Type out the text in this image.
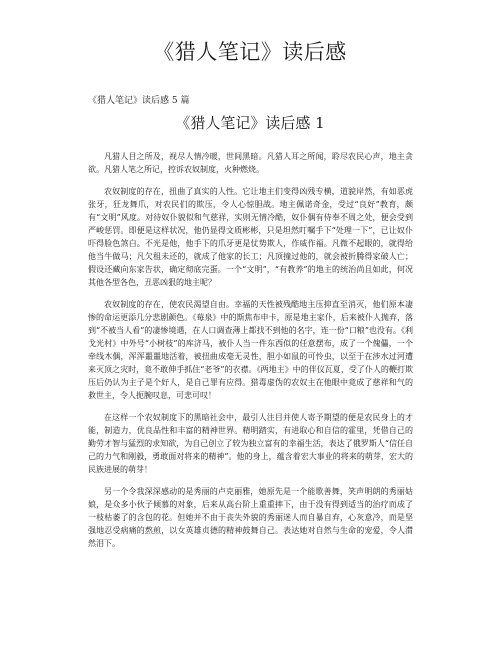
《猎人笔记》读后感

《猎人笔记》读后感 5 篇

《猎人笔记》读后感 1

凡猎人目之所及，视尽人情冷暖，世间黑暗。凡猎人耳之所闻，聆尽农民心声，地主贪欲。凡猎人笔之所记，控诉农奴制度，火种燃烧。

农奴制度的存在，扭曲了真实的人性。它让地主们变得凶残专横，道貌岸然，有如恶虎张牙，狂龙舞爪，对农民们的欺压，令人心惊胆战。地主佩诺奇金，受过“良好”教育，颇有“文明”风度。对待奴仆貌似和气慈祥，实则无情冷酷，奴仆偶有侍奉不周之处，便会受到严峻惩罚。即便是这样状况，他仍显得文质彬彬，只是坦然叮嘱手下“处理一下”，已让奴仆吓得脸色煞白。不光是他，他手下的爪牙更是仗势欺人，作威作福。凡微不起眼的，就得给他当牛做马；凡欠租未还的，就成了他家的长工；凡顶撞过他的，就会被折腾得家破人亡；假设还藏向东家告状，确定彻底完蛋。一个“文明”，“有教养”的地主的统治尚且如此，何况其他各型各色，丑恶凶狠的地主呢？

农奴制度的存在，使农民渴望自由。幸福的天性被残酷地主压抑直至消灭，他们原本凄惨的命运更添几分悲剧颜色。《莓泉》中的斯焦布申卡，原是地主家仆，后来被仆人抛弃，落到“不被当人看”的凄惨境遇，在人口调查薄上都找不到他的名字，连一份“口粮”也没有。《利戈光村》中外号“小树枝”的库济马，被仆人当一件东西似的任意摆布，成了一个傀儡，一个牵线木偶，浑浑噩噩地活着，被扭曲成毫无灵性，胆小如鼠的可怜虫，以至于在涉水过河遭来灭顶之灾时，竟不敢伸手抓住“老爷”的衣襟。《两地主》中的伴仪瓦夏，受了仆人的鞭打欺压后仍认为主子是个好人，是自己罪有应得。猎毒虚伪的农奴主在他眼中竟成了慈祥和气的救世主，令人扼腕叹息，可悲可叹！

在这样一个农奴制度下的黑暗社会中，最引人注目并使人寄予期望的便是农民身上的才能，制造力，优良品性和丰富的精神世界。精明踏实，有进取心和自信的霍里，凭借自己的勤劳才智与猛烈的求知欲，为自己创立了较为独立富有的幸福生活，表达了俄罗斯人“信任自己的力气和刚毅，勇敢面对将来的精神”。他的身上，蕴含着宏大事业的将来的萌芽，宏大的民族进展的萌芽！

另一个令我深深感动的是秀丽的卢克丽雅，她原先是一个能歌善舞，笑声明朗的秀丽姑娘，是众多小伙子倾慕的对象，后来从高台阶上重重摔下，由于没有得到适当的治疗而成了一枝枯萎了的含包的花。但她并不由于丧失外貌的秀丽迷人而自暴自弃，心灰意冷，而是坚强地忍受病痛的熬煎，以女英雄贞德的精神鼓舞自己。表达她对自然与生命的宠爱，令人潸然泪下。
